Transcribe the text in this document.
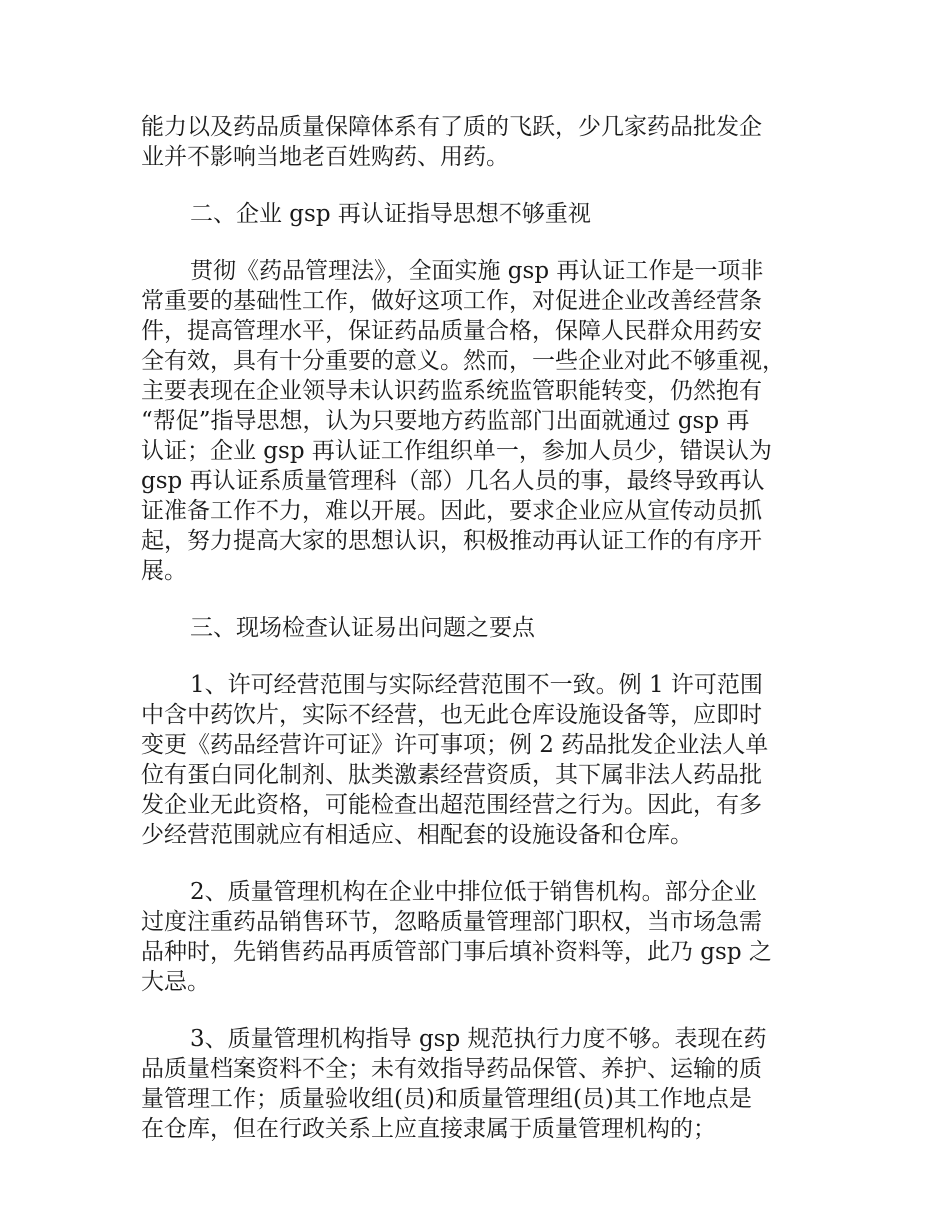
能力以及药品质量保障体系有了质的飞跃，少几家药品批发企
业并不影响当地老百姓购药、用药。
二、企业 gsp 再认证指导思想不够重视
贯彻《药品管理法》，全面实施 gsp 再认证工作是一项非
常重要的基础性工作，做好这项工作，对促进企业改善经营条
件，提高管理水平，保证药品质量合格，保障人民群众用药安
全有效，具有十分重要的意义。然而，一些企业对此不够重视，
主要表现在企业领导未认识药监系统监管职能转变，仍然抱有
“帮促”指导思想，认为只要地方药监部门出面就通过 gsp 再
认证；企业 gsp 再认证工作组织单一，参加人员少，错误认为
gsp 再认证系质量管理科（部）几名人员的事，最终导致再认
证准备工作不力，难以开展。因此，要求企业应从宣传动员抓
起，努力提高大家的思想认识，积极推动再认证工作的有序开
展。
三、现场检查认证易出问题之要点
1、许可经营范围与实际经营范围不一致。例 1 许可范围
中含中药饮片，实际不经营，也无此仓库设施设备等，应即时
变更《药品经营许可证》许可事项；例 2 药品批发企业法人单
位有蛋白同化制剂、肽类激素经营资质，其下属非法人药品批
发企业无此资格，可能检查出超范围经营之行为。因此，有多
少经营范围就应有相适应、相配套的设施设备和仓库。
2、质量管理机构在企业中排位低于销售机构。部分企业
过度注重药品销售环节，忽略质量管理部门职权，当市场急需
品种时，先销售药品再质管部门事后填补资料等，此乃 gsp 之
大忌。
3、质量管理机构指导 gsp 规范执行力度不够。表现在药
品质量档案资料不全；未有效指导药品保管、养护、运输的质
量管理工作；质量验收组(员)和质量管理组(员)其工作地点是
在仓库，但在行政关系上应直接隶属于质量管理机构的；
